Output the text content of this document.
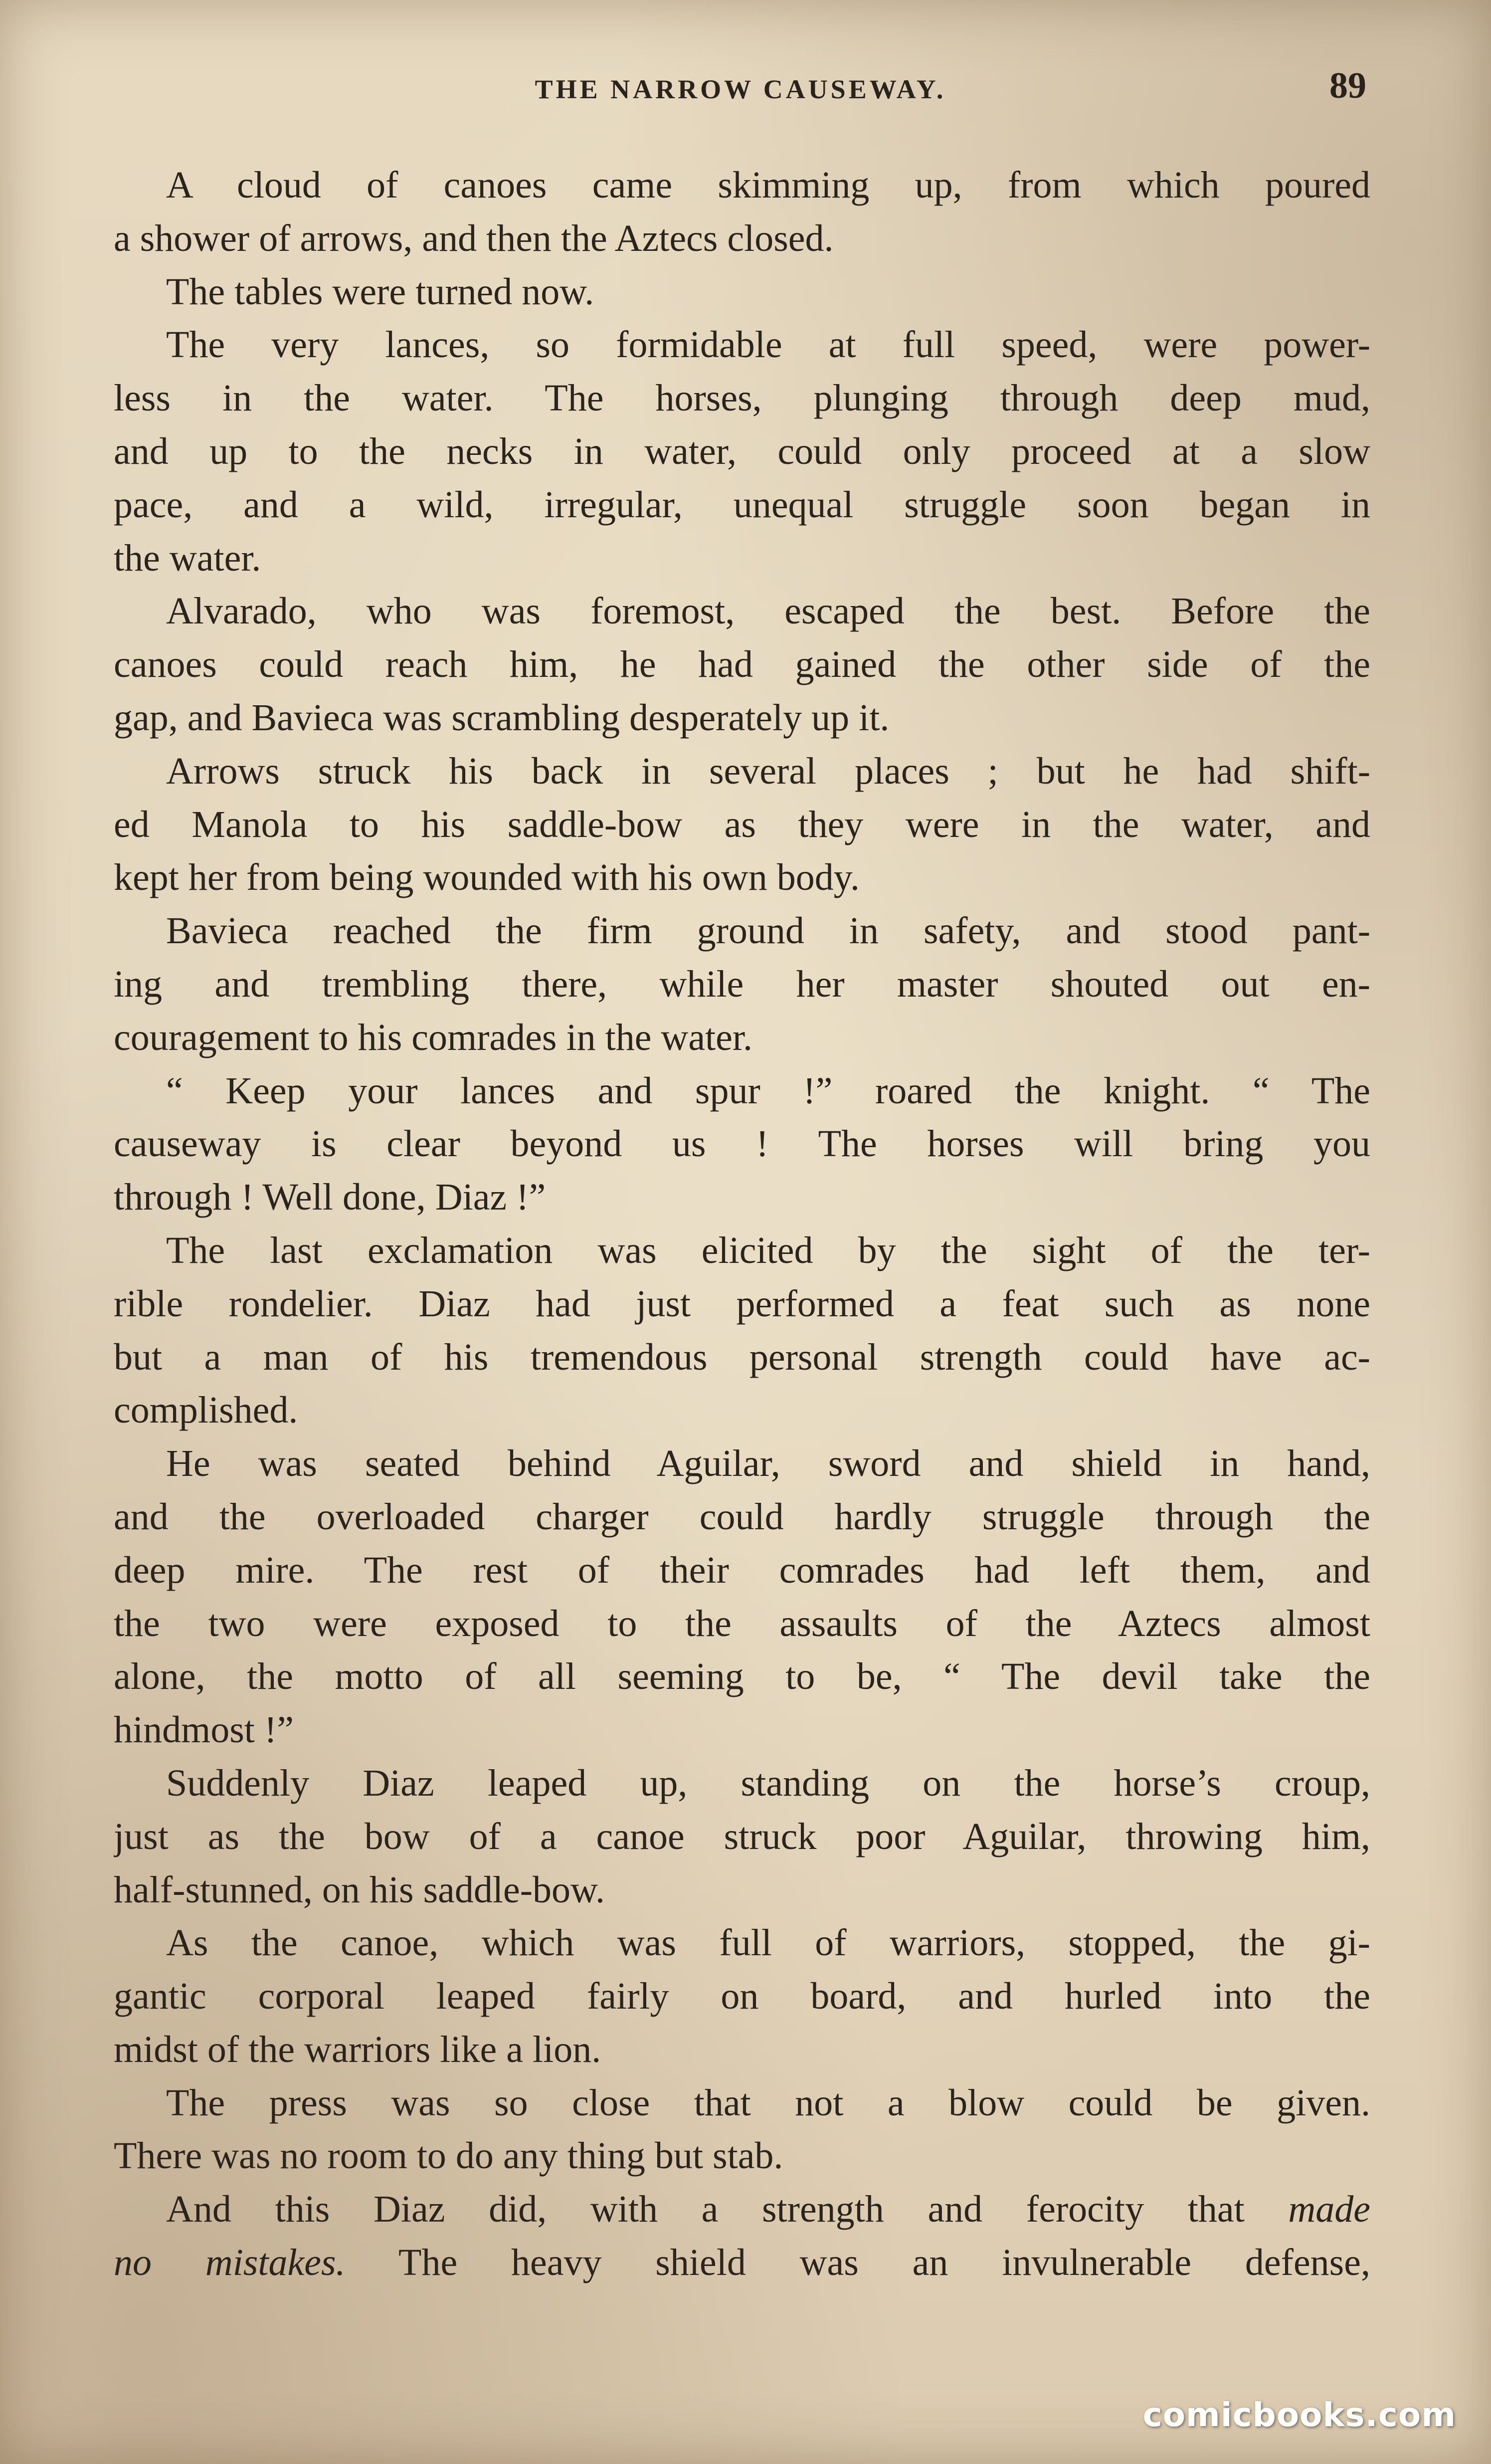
THE NARROW CAUSEWAY.	89
A cloud of canoes came skimming up, from which poured
a shower of arrows, and then the Aztecs closed.
The tables were turned now.
The very lances, so formidable at full speed, were power-
less in the water. The horses, plunging through deep mud,
and up to the necks in water, could only proceed at a slow
pace, and a wild, irregular, unequal struggle soon began in
the water.
Alvarado, who was foremost, escaped the best. Before the
canoes could reach him, he had gained the other side of the
gap, and Bavieca was scrambling desperately up it.
Arrows struck his back in several places ; but he had shift-
ed Manola to his saddle-bow as they were in the water, and
kept her from being wounded with his own body.
Bavieca reached the firm ground in safety, and stood pant-
ing and trembling there, while her master shouted out en-
couragement to his comrades in the water.
“ Keep your lances and spur !” roared the knight. “ The
causeway is clear beyond us ! The horses will bring you
through ! Well done, Diaz !”
The last exclamation was elicited by the sight of the ter-
rible rondelier. Diaz had just performed a feat such as none
but a man of his tremendous personal strength could have ac-
complished.
He was seated behind Aguilar, sword and shield in hand,
and the overloaded charger could hardly struggle through the
deep mire. The rest of their comrades had left them, and
the two were exposed to the assaults of the Aztecs almost
alone, the motto of all seeming to be, “ The devil take the
hindmost !”
Suddenly Diaz leaped up, standing on the horse’s croup,
just as the bow of a canoe struck poor Aguilar, throwing him,
half-stunned, on his saddle-bow.
As the canoe, which was full of warriors, stopped, the gi-
gantic corporal leaped fairly on board, and hurled into the
midst of the warriors like a lion.
The press was so close that not a blow could be given.
There was no room to do any thing but stab.
And this Diaz did, with a strength and ferocity that made
no mistakes. The heavy shield was an invulnerable defense,
comicbooks.com
